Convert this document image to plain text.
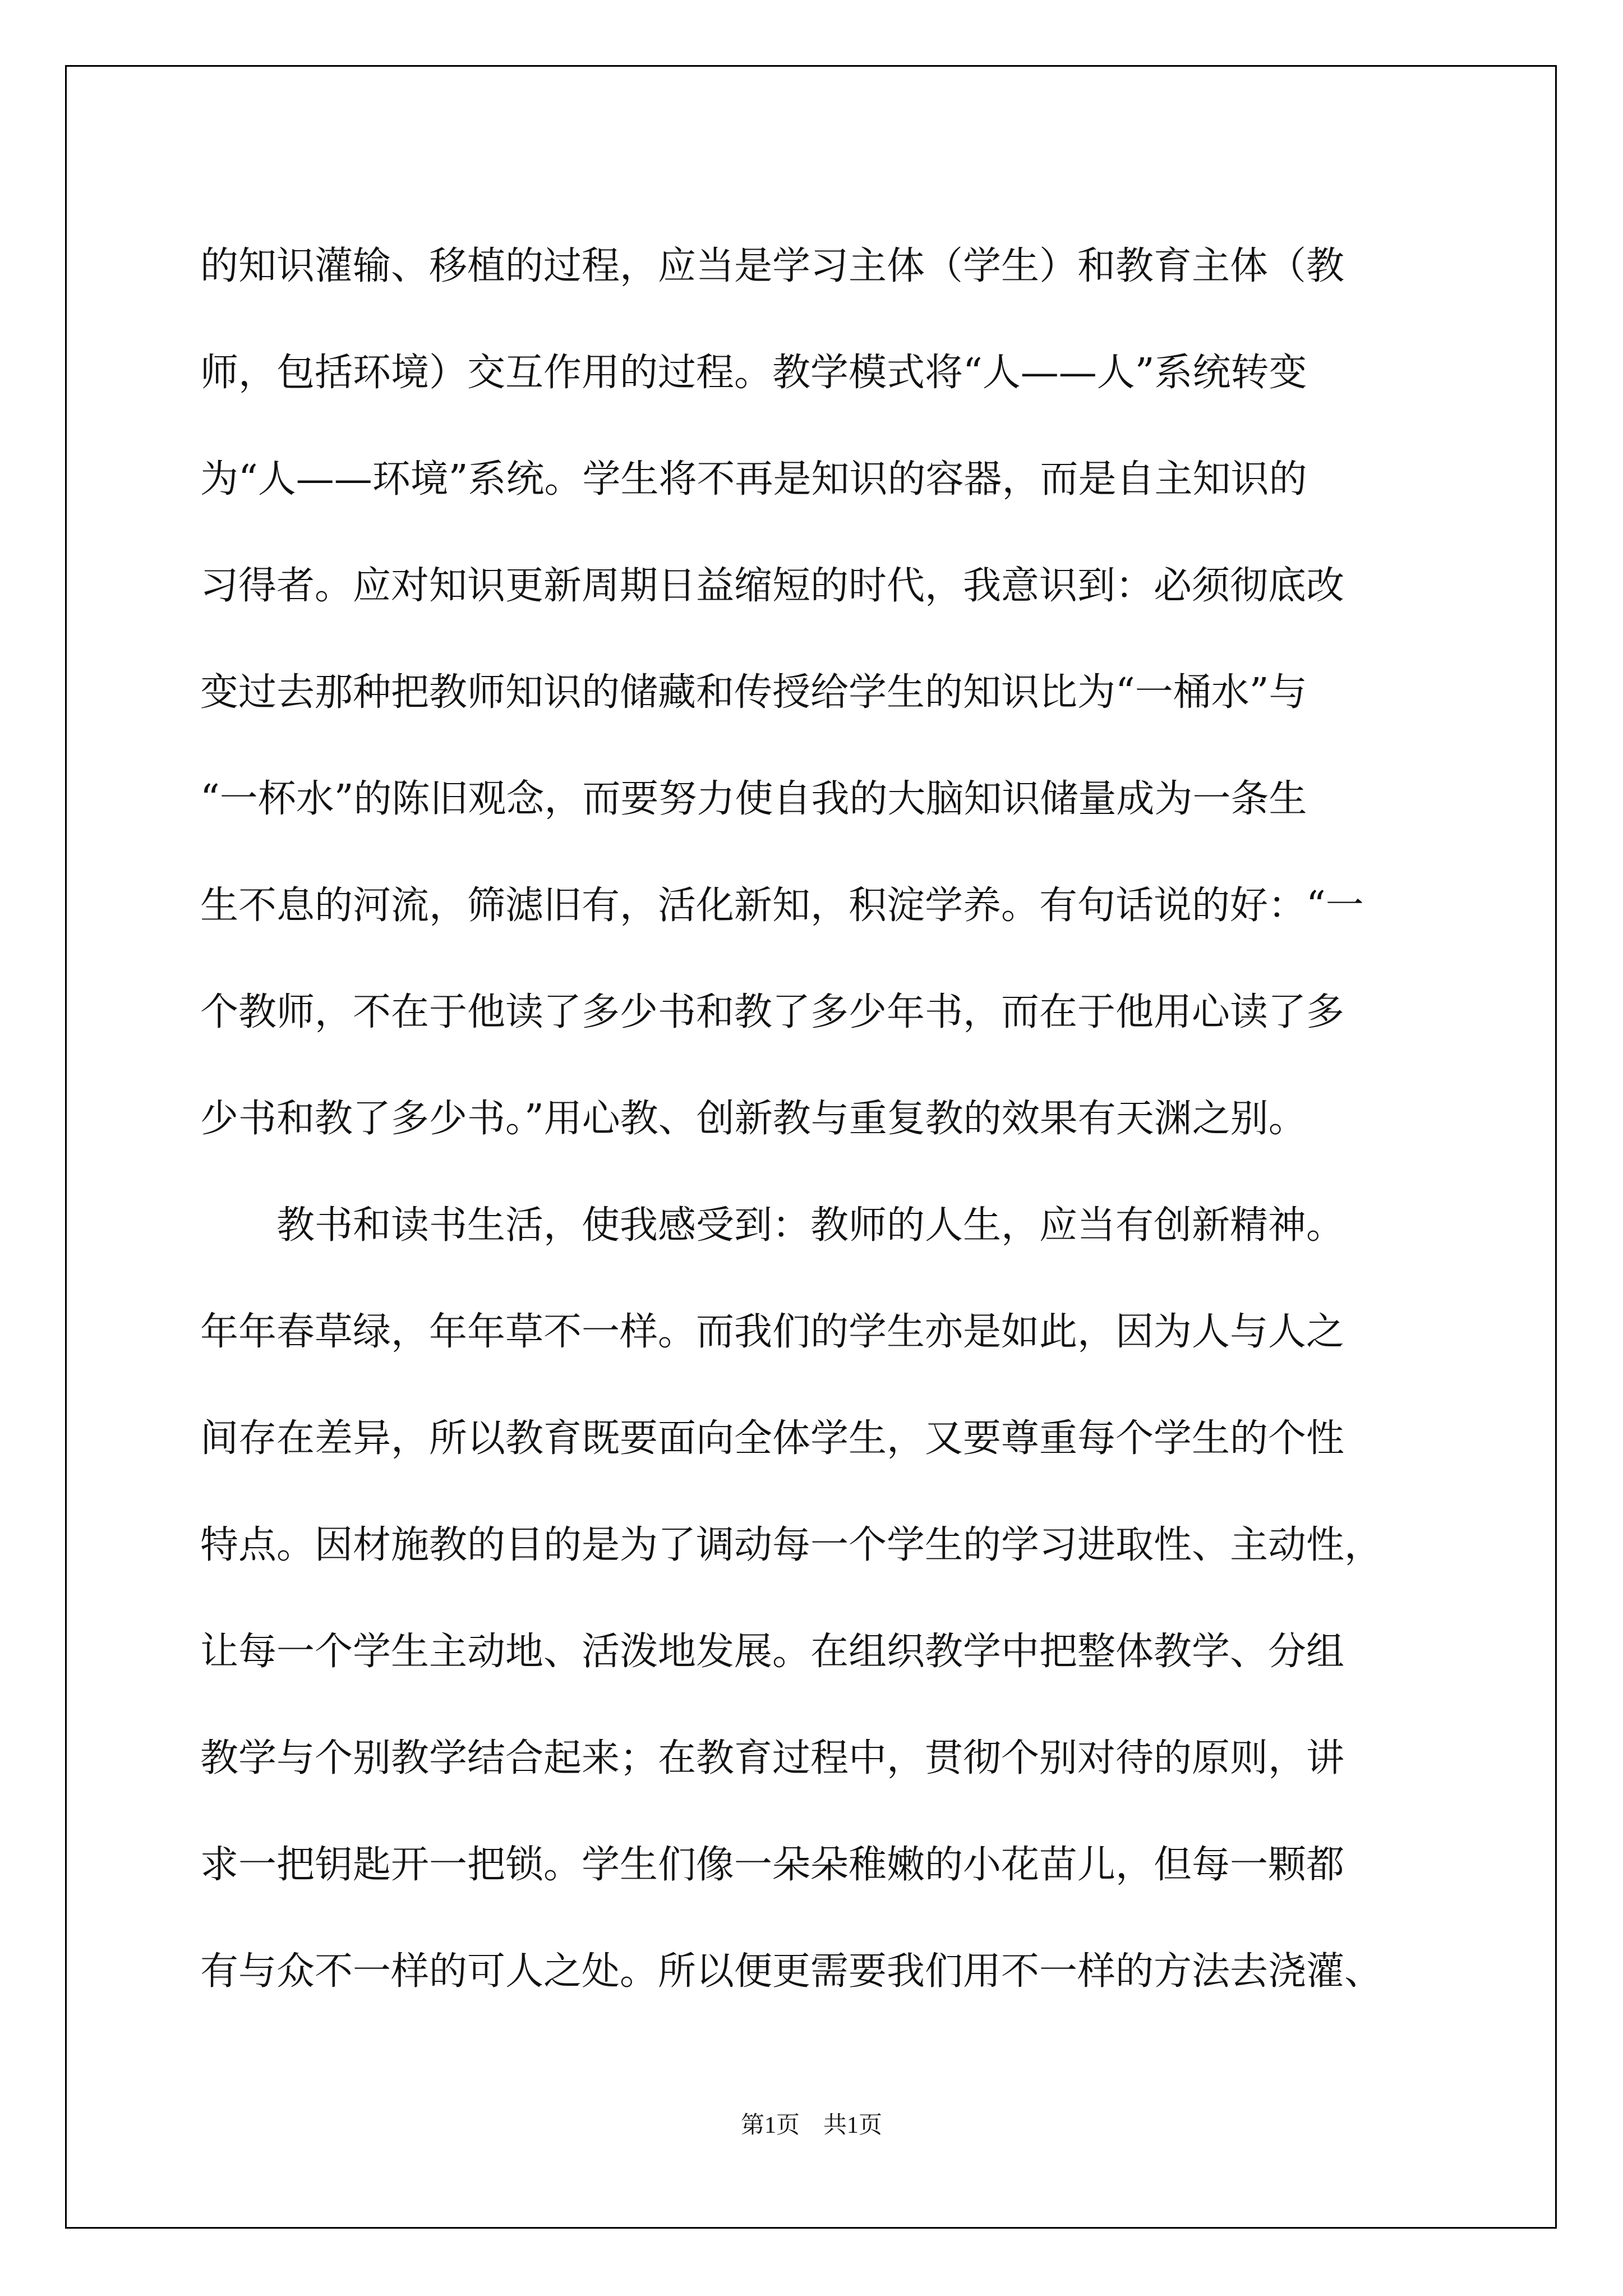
的知识灌输、移植的过程，应当是学习主体（学生）和教育主体（教
师，包括环境）交互作用的过程。教学模式将“人——人”系统转变
为“人——环境”系统。学生将不再是知识的容器，而是自主知识的
习得者。应对知识更新周期日益缩短的时代，我意识到：必须彻底改
变过去那种把教师知识的储藏和传授给学生的知识比为“一桶水”与
“一杯水”的陈旧观念，而要努力使自我的大脑知识储量成为一条生
生不息的河流，筛滤旧有，活化新知，积淀学养。有句话说的好：“一
个教师，不在于他读了多少书和教了多少年书，而在于他用心读了多
少书和教了多少书。”用心教、创新教与重复教的效果有天渊之别。
教书和读书生活，使我感受到：教师的人生，应当有创新精神。
年年春草绿，年年草不一样。而我们的学生亦是如此，因为人与人之
间存在差异，所以教育既要面向全体学生，又要尊重每个学生的个性
特点。因材施教的目的是为了调动每一个学生的学习进取性、主动性，
让每一个学生主动地、活泼地发展。在组织教学中把整体教学、分组
教学与个别教学结合起来；在教育过程中，贯彻个别对待的原则，讲
求一把钥匙开一把锁。学生们像一朵朵稚嫩的小花苗儿，但每一颗都
有与众不一样的可人之处。所以便更需要我们用不一样的方法去浇灌、
第1页　共1页
